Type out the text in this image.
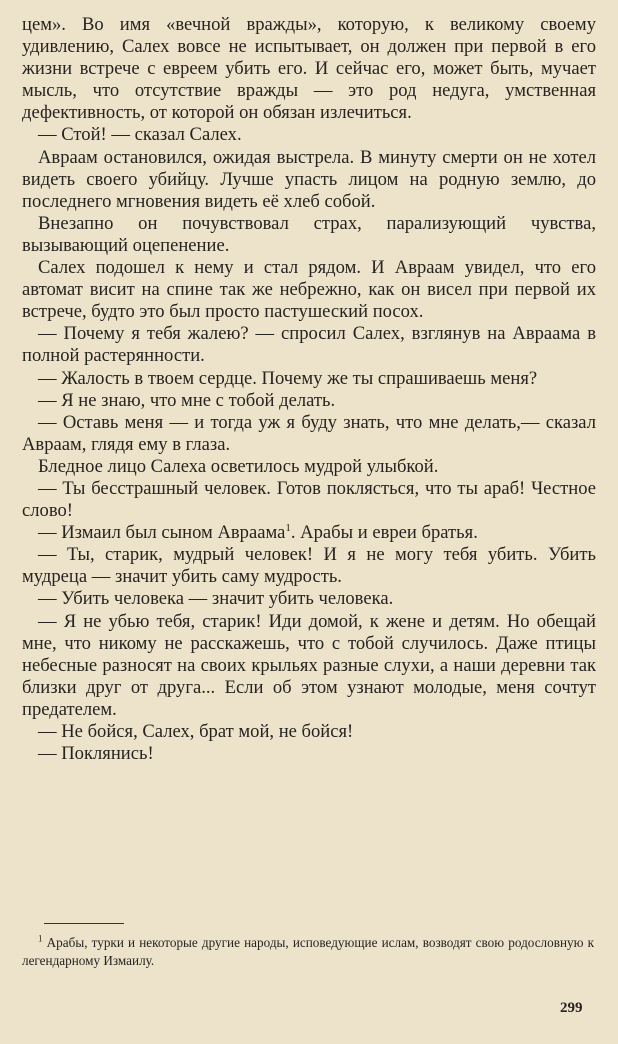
цем». Во имя «вечной вражды», которую, к великому своему удивлению, Салех вовсе не испытывает, он должен при первой в его жизни встрече с евреем убить его. И сейчас его, может быть, мучает мысль, что отсутствие вражды — это род недуга, умственная дефективность, от которой он обязан излечиться.

— Стой! — сказал Салех.

Авраам остановился, ожидая выстрела. В минуту смерти он не хотел видеть своего убийцу. Лучше упасть лицом на родную землю, до последнего мгновения видеть её хлеб собой.

Внезапно он почувствовал страх, парализующий чувства, вызывающий оцепенение.

Салех подошел к нему и стал рядом. И Авраам увидел, что его автомат висит на спине так же небрежно, как он висел при первой их встрече, будто это был просто пастушеский посох.

— Почему я тебя жалею? — спросил Салех, взглянув на Авраама в полной растерянности.

— Жалость в твоем сердце. Почему же ты спрашиваешь меня?

— Я не знаю, что мне с тобой делать.

— Оставь меня — и тогда уж я буду знать, что мне делать,— сказал Авраам, глядя ему в глаза.

Бледное лицо Салеха осветилось мудрой улыбкой.

— Ты бесстрашный человек. Готов поклясться, что ты араб! Честное слово!

— Измаил был сыном Авраама$^1$. Арабы и евреи братья.

— Ты, старик, мудрый человек! И я не могу тебя убить. Убить мудреца — значит убить саму мудрость.

— Убить человека — значит убить человека.

— Я не убью тебя, старик! Иди домой, к жене и детям. Но обещай мне, что никому не расскажешь, что с тобой случилось. Даже птицы небесные разносят на своих крыльях разные слухи, а наши деревни так близки друг от друга... Если об этом узнают молодые, меня сочтут предателем.

— Не бойся, Салех, брат мой, не бойся!

— Поклянись!

$^1$ Арабы, турки и некоторые другие народы, исповедующие ислам, возводят свою родословную к легендарному Измаилу.
299
